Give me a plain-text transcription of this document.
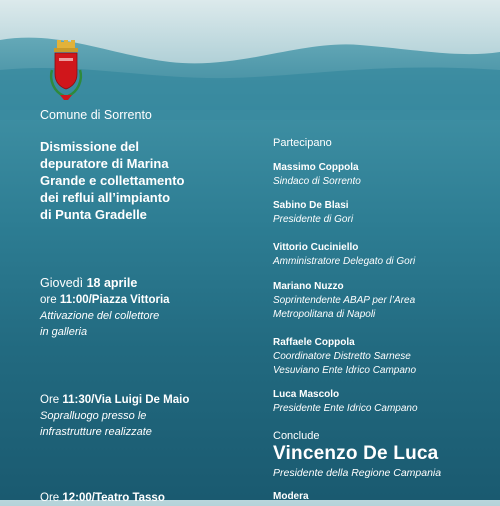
Comune di Sorrento
Dismissione del
depuratore di Marina
Grande e collettamento
dei reflui all’impianto
di Punta Gradelle
Giovedì 18 aprile
ore 11:00/Piazza Vittoria
Attivazione del collettore
in galleria
Ore 11:30/Via Luigi De Maio
Sopralluogo presso le
infrastrutture realizzate
Ore 12:00/Teatro Tasso
Partecipano
Massimo Coppola
Sindaco di Sorrento
Sabino De Blasi
Presidente di Gori
Vittorio Cuciniello
Amministratore Delegato di Gori
Mariano Nuzzo
Soprintendente ABAP per l’Area
Metropolitana di Napoli
Raffaele Coppola
Coordinatore Distretto Sarnese
Vesuviano Ente Idrico Campano
Luca Mascolo
Presidente Ente Idrico Campano
Conclude
Vincenzo De Luca
Presidente della Regione Campania
Modera
